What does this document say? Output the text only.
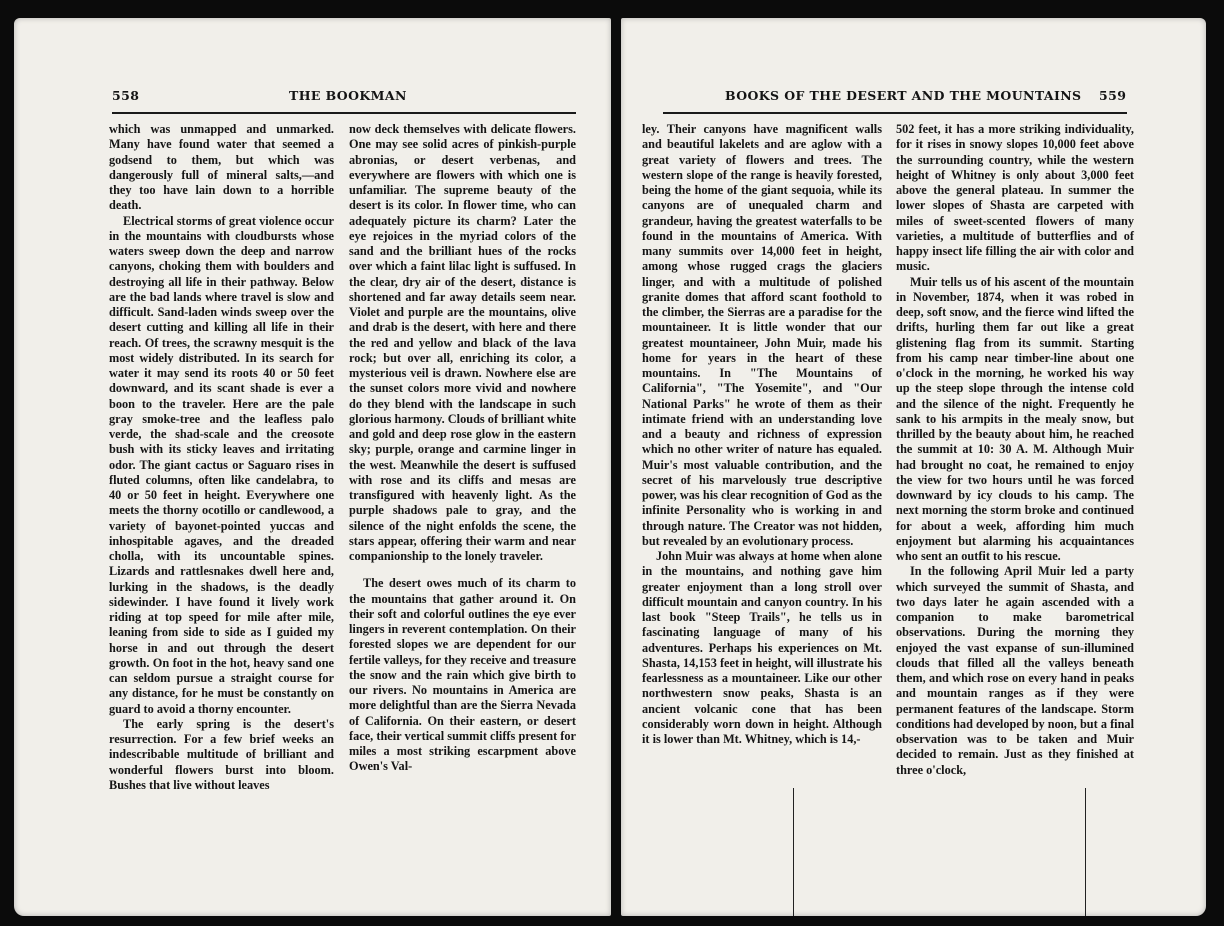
558	THE BOOKMAN

which was unmapped and unmarked. Many have found water that seemed a godsend to them, but which was dangerously full of mineral salts,—and they too have lain down to a horrible death.

Electrical storms of great violence occur in the mountains with cloudbursts whose waters sweep down the deep and narrow canyons, choking them with boulders and destroying all life in their pathway. Below are the bad lands where travel is slow and difficult. Sand-laden winds sweep over the desert cutting and killing all life in their reach. Of trees, the scrawny mesquit is the most widely distributed. In its search for water it may send its roots 40 or 50 feet downward, and its scant shade is ever a boon to the traveler. Here are the pale gray smoke-tree and the leafless palo verde, the shad-scale and the creosote bush with its sticky leaves and irritating odor. The giant cactus or Saguaro rises in fluted columns, often like candelabra, to 40 or 50 feet in height. Everywhere one meets the thorny ocotillo or candlewood, a variety of bayonet-pointed yuccas and inhospitable agaves, and the dreaded cholla, with its uncountable spines. Lizards and rattlesnakes dwell here and, lurking in the shadows, is the deadly sidewinder. I have found it lively work riding at top speed for mile after mile, leaning from side to side as I guided my horse in and out through the desert growth. On foot in the hot, heavy sand one can seldom pursue a straight course for any distance, for he must be constantly on guard to avoid a thorny encounter.

The early spring is the desert's resurrection. For a few brief weeks an indescribable multitude of brilliant and wonderful flowers burst into bloom. Bushes that live without leaves

now deck themselves with delicate flowers. One may see solid acres of pinkish-purple abronias, or desert verbenas, and everywhere are flowers with which one is unfamiliar. The supreme beauty of the desert is its color. In flower time, who can adequately picture its charm? Later the eye rejoices in the myriad colors of the sand and the brilliant hues of the rocks over which a faint lilac light is suffused. In the clear, dry air of the desert, distance is shortened and far away details seem near. Violet and purple are the mountains, olive and drab is the desert, with here and there the red and yellow and black of the lava rock; but over all, enriching its color, a mysterious veil is drawn. Nowhere else are the sunset colors more vivid and nowhere do they blend with the landscape in such glorious harmony. Clouds of brilliant white and gold and deep rose glow in the eastern sky; purple, orange and carmine linger in the west. Meanwhile the desert is suffused with rose and its cliffs and mesas are transfigured with heavenly light. As the purple shadows pale to gray, and the silence of the night enfolds the scene, the stars appear, offering their warm and near companionship to the lonely traveler.

The desert owes much of its charm to the mountains that gather around it. On their soft and colorful outlines the eye ever lingers in reverent contemplation. On their forested slopes we are dependent for our fertile valleys, for they receive and treasure the snow and the rain which give birth to our rivers. No mountains in America are more delightful than are the Sierra Nevada of California. On their eastern, or desert face, their vertical summit cliffs present for miles a most striking escarpment above Owen's Val-

BOOKS OF THE DESERT AND THE MOUNTAINS 559

ley. Their canyons have magnificent walls and beautiful lakelets and are aglow with a great variety of flowers and trees. The western slope of the range is heavily forested, being the home of the giant sequoia, while its canyons are of unequaled charm and grandeur, having the greatest waterfalls to be found in the mountains of America. With many summits over 14,000 feet in height, among whose rugged crags the glaciers linger, and with a multitude of polished granite domes that afford scant foothold to the climber, the Sierras are a paradise for the mountaineer. It is little wonder that our greatest mountaineer, John Muir, made his home for years in the heart of these mountains. In "The Mountains of California", "The Yosemite", and "Our National Parks" he wrote of them as their intimate friend with an understanding love and a beauty and richness of expression which no other writer of nature has equaled. Muir's most valuable contribution, and the secret of his marvelously true descriptive power, was his clear recognition of God as the infinite Personality who is working in and through nature. The Creator was not hidden, but revealed by an evolutionary process.

John Muir was always at home when alone in the mountains, and nothing gave him greater enjoyment than a long stroll over difficult mountain and canyon country. In his last book "Steep Trails", he tells us in fascinating language of many of his adventures. Perhaps his experiences on Mt. Shasta, 14,153 feet in height, will illustrate his fearlessness as a mountaineer. Like our other northwestern snow peaks, Shasta is an ancient volcanic cone that has been considerably worn down in height. Although it is lower than Mt. Whitney, which is 14,-

502 feet, it has a more striking individuality, for it rises in snowy slopes 10,000 feet above the surrounding country, while the western height of Whitney is only about 3,000 feet above the general plateau. In summer the lower slopes of Shasta are carpeted with miles of sweet-scented flowers of many varieties, a multitude of butterflies and of happy insect life filling the air with color and music.

Muir tells us of his ascent of the mountain in November, 1874, when it was robed in deep, soft snow, and the fierce wind lifted the drifts, hurling them far out like a great glistening flag from its summit. Starting from his camp near timber-line about one o'clock in the morning, he worked his way up the steep slope through the intense cold and the silence of the night. Frequently he sank to his armpits in the mealy snow, but thrilled by the beauty about him, he reached the summit at 10: 30 A. M. Although Muir had brought no coat, he remained to enjoy the view for two hours until he was forced downward by icy clouds to his camp. The next morning the storm broke and continued for about a week, affording him much enjoyment but alarming his acquaintances who sent an outfit to his rescue.

In the following April Muir led a party which surveyed the summit of Shasta, and two days later he again ascended with a companion to make barometrical observations. During the morning they enjoyed the vast expanse of sun-illumined clouds that filled all the valleys beneath them, and which rose on every hand in peaks and mountain ranges as if they were permanent features of the landscape. Storm conditions had developed by noon, but a final observation was to be taken and Muir decided to remain. Just as they finished at three o'clock,
